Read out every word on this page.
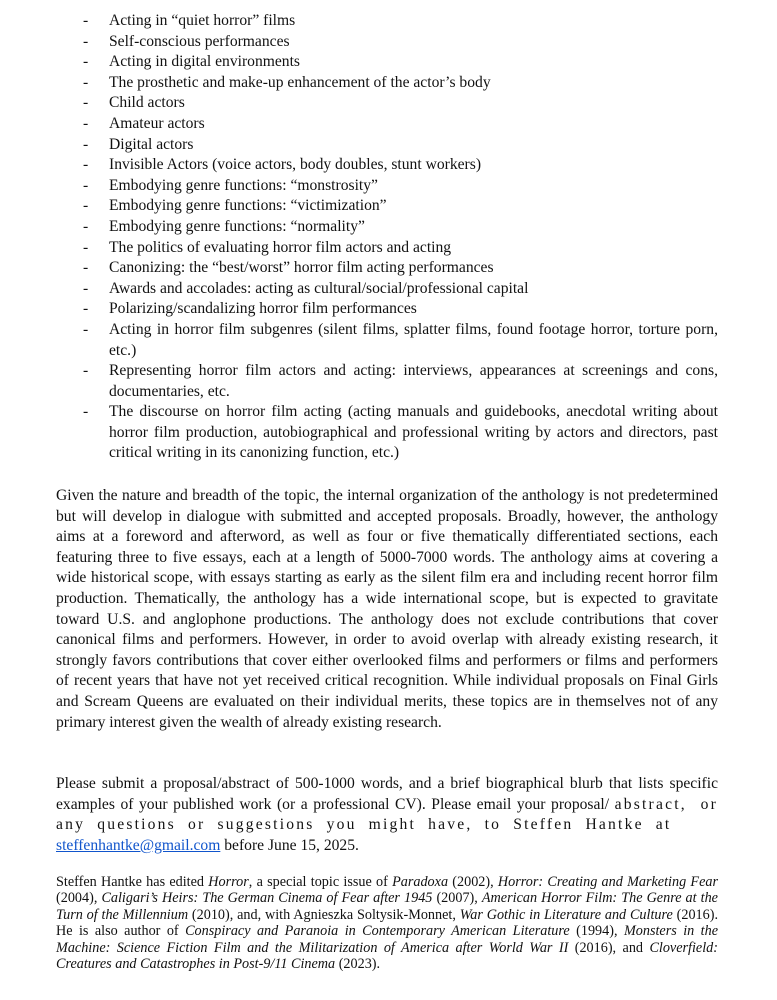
- Acting in “quiet horror” films
- Self-conscious performances
- Acting in digital environments
- The prosthetic and make-up enhancement of the actor’s body
- Child actors
- Amateur actors
- Digital actors
- Invisible Actors (voice actors, body doubles, stunt workers)
- Embodying genre functions: “monstrosity”
- Embodying genre functions: “victimization”
- Embodying genre functions: “normality”
- The politics of evaluating horror film actors and acting
- Canonizing: the “best/worst” horror film acting performances
- Awards and accolades: acting as cultural/social/professional capital
- Polarizing/scandalizing horror film performances
- Acting in horror film subgenres (silent films, splatter films, found footage horror, torture porn, etc.)
- Representing horror film actors and acting: interviews, appearances at screenings and cons, documentaries, etc.
- The discourse on horror film acting (acting manuals and guidebooks, anecdotal writing about horror film production, autobiographical and professional writing by actors and directors, past critical writing in its canonizing function, etc.)

Given the nature and breadth of the topic, the internal organization of the anthology is not predetermined but will develop in dialogue with submitted and accepted proposals. Broadly, however, the anthology aims at a foreword and afterword, as well as four or five thematically differentiated sections, each featuring three to five essays, each at a length of 5000-7000 words. The anthology aims at covering a wide historical scope, with essays starting as early as the silent film era and including recent horror film production. Thematically, the anthology has a wide international scope, but is expected to gravitate toward U.S. and anglophone productions. The anthology does not exclude contributions that cover canonical films and performers. However, in order to avoid overlap with already existing research, it strongly favors contributions that cover either overlooked films and performers or films and performers of recent years that have not yet received critical recognition. While individual proposals on Final Girls and Scream Queens are evaluated on their individual merits, these topics are in themselves not of any primary interest given the wealth of already existing research.

Please submit a proposal/abstract of 500-1000 words, and a brief biographical blurb that lists specific examples of your published work (or a professional CV). Please email your proposal/ abstract, or any questions or suggestions you might have, to Steffen Hantke at
steffenhantke@gmail.com before June 15, 2025.

Steffen Hantke has edited Horror, a special topic issue of Paradoxa (2002), Horror: Creating and Marketing Fear (2004), Caligari’s Heirs: The German Cinema of Fear after 1945 (2007), American Horror Film: The Genre at the Turn of the Millennium (2010), and, with Agnieszka Soltysik-Monnet, War Gothic in Literature and Culture (2016). He is also author of Conspiracy and Paranoia in Contemporary American Literature (1994), Monsters in the Machine: Science Fiction Film and the Militarization of America after World War II (2016), and Cloverfield: Creatures and Catastrophes in Post-9/11 Cinema (2023).
